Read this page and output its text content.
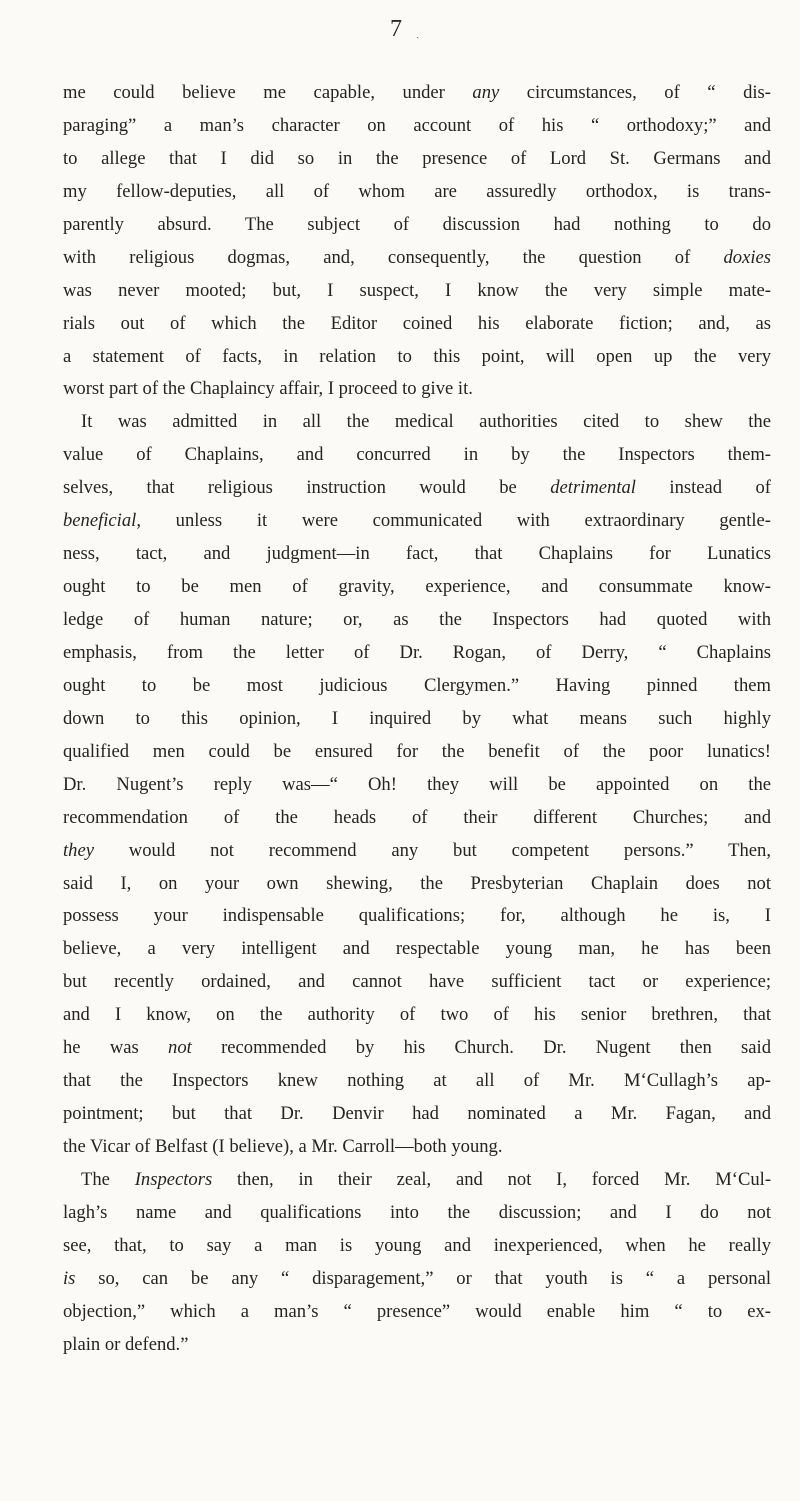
7 ˎ
me could believe me capable, under any circumstances, of “ dis-
paraging” a man’s character on account of his “ orthodoxy;” and
to allege that I did so in the presence of Lord St. Germans and
my fellow-deputies, all of whom are assuredly orthodox, is trans-
parently absurd. The subject of discussion had nothing to do
with religious dogmas, and, consequently, the question of doxies
was never mooted; but, I suspect, I know the very simple mate-
rials out of which the Editor coined his elaborate fiction; and, as
a statement of facts, in relation to this point, will open up the very
worst part of the Chaplaincy affair, I proceed to give it.
It was admitted in all the medical authorities cited to shew the
value of Chaplains, and concurred in by the Inspectors them-
selves, that religious instruction would be detrimental instead of
beneficial, unless it were communicated with extraordinary gentle-
ness, tact, and judgment—in fact, that Chaplains for Lunatics
ought to be men of gravity, experience, and consummate know-
ledge of human nature; or, as the Inspectors had quoted with
emphasis, from the letter of Dr. Rogan, of Derry, “ Chaplains
ought to be most judicious Clergymen.” Having pinned them
down to this opinion, I inquired by what means such highly
qualified men could be ensured for the benefit of the poor lunatics!
Dr. Nugent’s reply was—“ Oh! they will be appointed on the
recommendation of the heads of their different Churches; and
they would not recommend any but competent persons.” Then,
said I, on your own shewing, the Presbyterian Chaplain does not
possess your indispensable qualifications; for, although he is, I
believe, a very intelligent and respectable young man, he has been
but recently ordained, and cannot have sufficient tact or experience;
and I know, on the authority of two of his senior brethren, that
he was not recommended by his Church. Dr. Nugent then said
that the Inspectors knew nothing at all of Mr. M‘Cullagh’s ap-
pointment; but that Dr. Denvir had nominated a Mr. Fagan, and
the Vicar of Belfast (I believe), a Mr. Carroll—both young.
The Inspectors then, in their zeal, and not I, forced Mr. M‘Cul-
lagh’s name and qualifications into the discussion; and I do not
see, that, to say a man is young and inexperienced, when he really
is so, can be any “ disparagement,” or that youth is “ a personal
objection,” which a man’s “ presence” would enable him “ to ex-
plain or defend.”
